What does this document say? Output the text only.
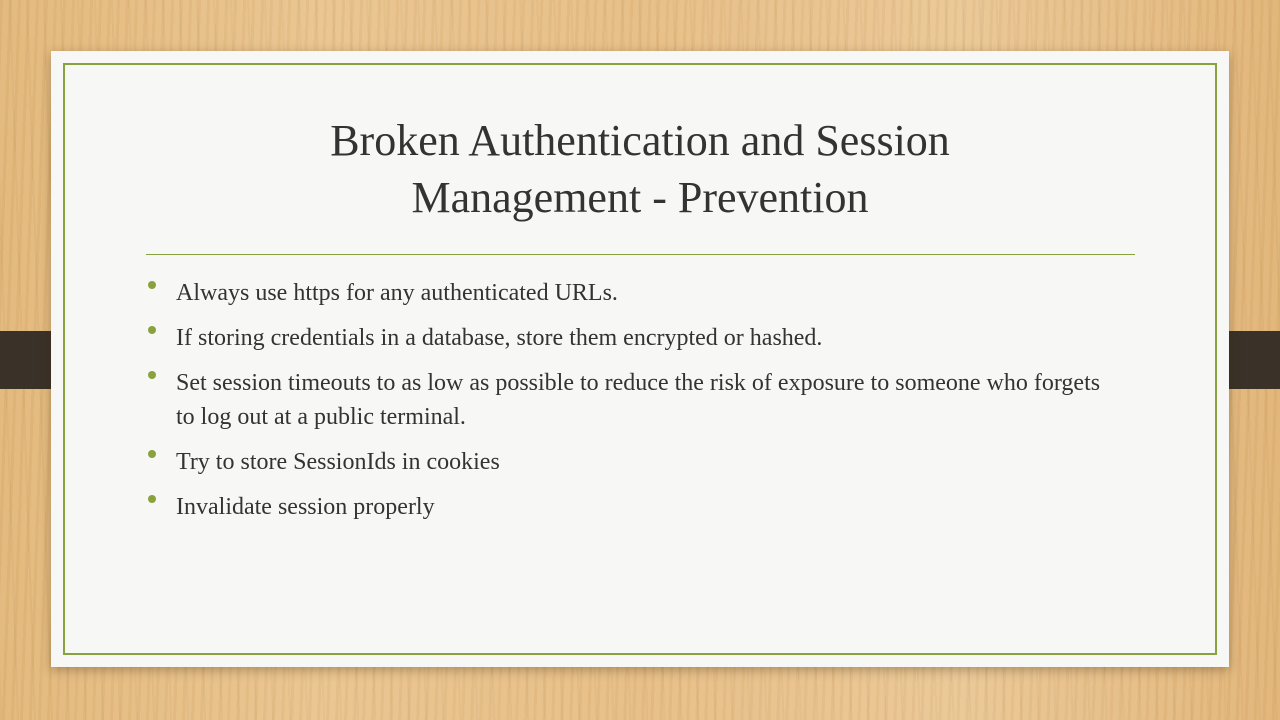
Broken Authentication and Session
Management - Prevention
Always use https for any authenticated URLs.
If storing credentials in a database, store them encrypted or hashed.
Set session timeouts to as low as possible to reduce the risk of exposure to someone who forgets to log out at a public terminal.
Try to store SessionIds in cookies
Invalidate session properly
